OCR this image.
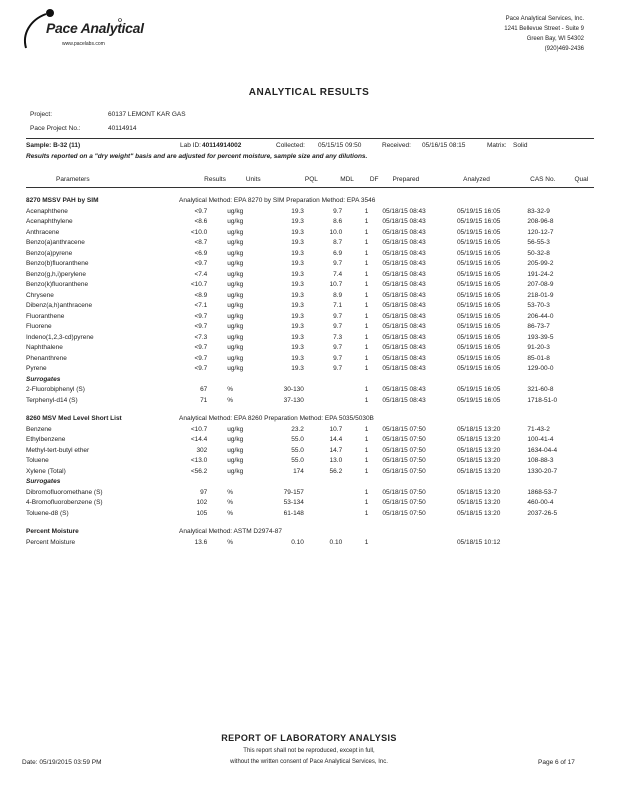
Pace Analytical
www.pacelabs.com
Pace Analytical Services, Inc.
1241 Bellevue Street - Suite 9
Green Bay, WI 54302
(920)469-2436
ANALYTICAL RESULTS
Project:	60137 LEMONT KAR GAS
Pace Project No.:	40114914
Sample: B-32 (11)	Lab ID: 40114914002	Collected: 05/15/15 09:50	Received: 05/16/15 08:15	Matrix: Solid
Results reported on a "dry weight" basis and are adjusted for percent moisture, sample size and any dilutions.
Parameters	Results	Units	PQL	MDL	DF	Prepared	Analyzed	CAS No.	Qual
8270 MSSV PAH by SIM	Analytical Method: EPA 8270 by SIM Preparation Method: EPA 3546								
Acenaphthene	<9.7	ug/kg	19.3	9.7	1	05/18/15 08:43	05/19/15 16:05	83-32-9	
Acenaphthylene	<8.6	ug/kg	19.3	8.6	1	05/18/15 08:43	05/19/15 16:05	208-96-8	
Anthracene	<10.0	ug/kg	19.3	10.0	1	05/18/15 08:43	05/19/15 16:05	120-12-7	
Benzo(a)anthracene	<8.7	ug/kg	19.3	8.7	1	05/18/15 08:43	05/19/15 16:05	56-55-3	
Benzo(a)pyrene	<6.9	ug/kg	19.3	6.9	1	05/18/15 08:43	05/19/15 16:05	50-32-8	
Benzo(b)fluoranthene	<9.7	ug/kg	19.3	9.7	1	05/18/15 08:43	05/19/15 16:05	205-99-2	
Benzo(g,h,i)perylene	<7.4	ug/kg	19.3	7.4	1	05/18/15 08:43	05/19/15 16:05	191-24-2	
Benzo(k)fluoranthene	<10.7	ug/kg	19.3	10.7	1	05/18/15 08:43	05/19/15 16:05	207-08-9	
Chrysene	<8.9	ug/kg	19.3	8.9	1	05/18/15 08:43	05/19/15 16:05	218-01-9	
Dibenz(a,h)anthracene	<7.1	ug/kg	19.3	7.1	1	05/18/15 08:43	05/19/15 16:05	53-70-3	
Fluoranthene	<9.7	ug/kg	19.3	9.7	1	05/18/15 08:43	05/19/15 16:05	206-44-0	
Fluorene	<9.7	ug/kg	19.3	9.7	1	05/18/15 08:43	05/19/15 16:05	86-73-7	
Indeno(1,2,3-cd)pyrene	<7.3	ug/kg	19.3	7.3	1	05/18/15 08:43	05/19/15 16:05	193-39-5	
Naphthalene	<9.7	ug/kg	19.3	9.7	1	05/18/15 08:43	05/19/15 16:05	91-20-3	
Phenanthrene	<9.7	ug/kg	19.3	9.7	1	05/18/15 08:43	05/19/15 16:05	85-01-8	
Pyrene	<9.7	ug/kg	19.3	9.7	1	05/18/15 08:43	05/19/15 16:05	129-00-0	
Surrogates									
2-Fluorobiphenyl (S)	67	%	30-130		1	05/18/15 08:43	05/19/15 16:05	321-60-8	
Terphenyl-d14 (S)	71	%	37-130		1	05/18/15 08:43	05/19/15 16:05	1718-51-0	

8260 MSV Med Level Short List	Analytical Method: EPA 8260 Preparation Method: EPA 5035/5030B								
Benzene	<10.7	ug/kg	23.2	10.7	1	05/18/15 07:50	05/18/15 13:20	71-43-2	
Ethylbenzene	<14.4	ug/kg	55.0	14.4	1	05/18/15 07:50	05/18/15 13:20	100-41-4	
Methyl-tert-butyl ether	302	ug/kg	55.0	14.7	1	05/18/15 07:50	05/18/15 13:20	1634-04-4	
Toluene	<13.0	ug/kg	55.0	13.0	1	05/18/15 07:50	05/18/15 13:20	108-88-3	
Xylene (Total)	<56.2	ug/kg	174	56.2	1	05/18/15 07:50	05/18/15 13:20	1330-20-7	
Surrogates									
Dibromofluoromethane (S)	97	%	79-157		1	05/18/15 07:50	05/18/15 13:20	1868-53-7	
4-Bromofluorobenzene (S)	102	%	53-134		1	05/18/15 07:50	05/18/15 13:20	460-00-4	
Toluene-d8 (S)	105	%	61-148		1	05/18/15 07:50	05/18/15 13:20	2037-26-5	

Percent Moisture	Analytical Method: ASTM D2974-87								
Percent Moisture	13.6	%	0.10	0.10	1		05/18/15 10:12		
REPORT OF LABORATORY ANALYSIS
This report shall not be reproduced, except in full,
without the written consent of Pace Analytical Services, Inc.
Date: 05/19/2015 03:59 PM	Page 6 of 17
